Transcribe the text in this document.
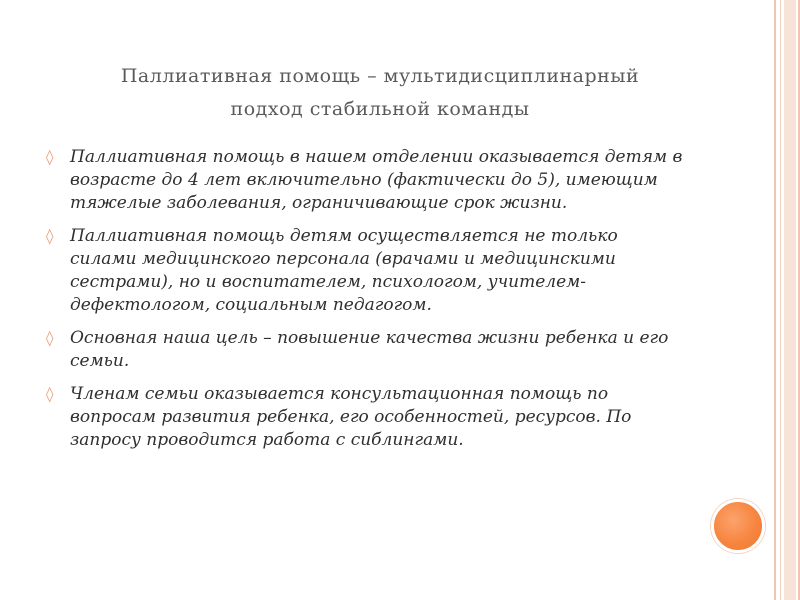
Паллиативная помощь – мультидисциплинарный
подход стабильной команды
◊ Паллиативная помощь в нашем отделении оказывается детям в возрасте до 4 лет включительно (фактически до 5), имеющим тяжелые заболевания, ограничивающие срок жизни.
◊ Паллиативная помощь детям осуществляется не только силами медицинского персонала (врачами и медицинскими сестрами), но и воспитателем, психологом, учителем-дефектологом, социальным педагогом.
◊ Основная наша цель – повышение качества жизни ребенка и его семьи.
◊ Членам семьи оказывается консультационная помощь по вопросам развития ребенка, его особенностей, ресурсов. По запросу проводится работа с сиблингами.
